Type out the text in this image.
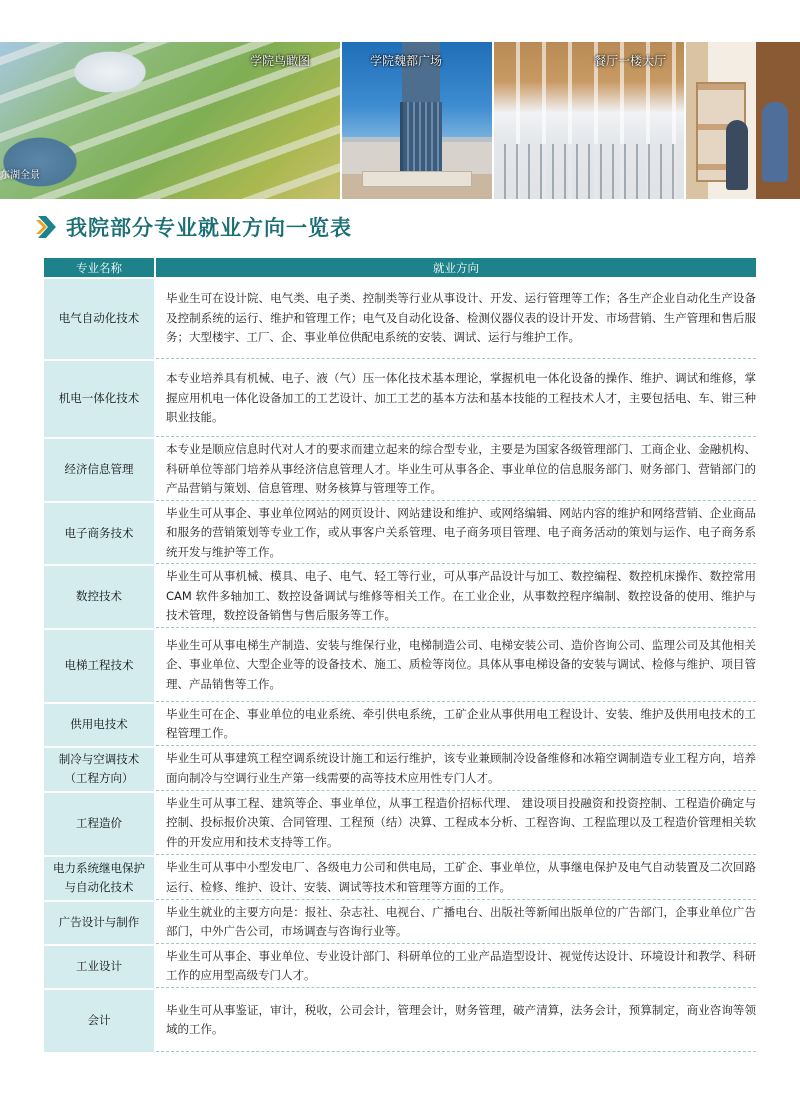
学院鸟瞰图
东湖全景
学院魏都广场	餐厅一楼大厅
我院部分专业就业方向一览表
专业名称	就业方向
电气自动化技术	毕业生可在设计院、电气类、电子类、控制类等行业从事设计、开发、运行管理等工作；各生产企业自动化生产设备及控制系统的运行、维护和管理工作；电气及自动化设备、检测仪器仪表的设计开发、市场营销、生产管理和售后服务；大型楼宇、工厂、企、事业单位供配电系统的安装、调试、运行与维护工作。
机电一体化技术	本专业培养具有机械、电子、液（气）压一体化技术基本理论，掌握机电一体化设备的操作、维护、调试和维修，掌握应用机电一体化设备加工的工艺设计、加工工艺的基本方法和基本技能的工程技术人才，主要包括电、车、钳三种职业技能。
经济信息管理	本专业是顺应信息时代对人才的要求而建立起来的综合型专业，主要是为国家各级管理部门、工商企业、金融机构、科研单位等部门培养从事经济信息管理人才。毕业生可从事各企、事业单位的信息服务部门、财务部门、营销部门的产品营销与策划、信息管理、财务核算与管理等工作。
电子商务技术	毕业生可从事企、事业单位网站的网页设计、网站建设和维护、或网络编辑、网站内容的维护和网络营销、企业商品和服务的营销策划等专业工作，或从事客户关系管理、电子商务项目管理、电子商务活动的策划与运作、电子商务系统开发与维护等工作。
数控技术	毕业生可从事机械、模具、电子、电气、轻工等行业，可从事产品设计与加工、数控编程、数控机床操作、数控常用 CAM 软件多轴加工、数控设备调试与维修等相关工作。在工业企业，从事数控程序编制、数控设备的使用、维护与技术管理，数控设备销售与售后服务等工作。
电梯工程技术	毕业生可从事电梯生产制造、安装与维保行业，电梯制造公司、电梯安装公司、造价咨询公司、监理公司及其他相关企、事业单位、大型企业等的设备技术、施工、质检等岗位。具体从事电梯设备的安装与调试、检修与维护、项目管理、产品销售等工作。
供用电技术	毕业生可在企、事业单位的电业系统、牵引供电系统，工矿企业从事供用电工程设计、安装、维护及供用电技术的工程管理工作。
制冷与空调技术（工程方向）	毕业生可从事建筑工程空调系统设计施工和运行维护，该专业兼顾制冷设备维修和冰箱空调制造专业工程方向，培养面向制冷与空调行业生产第一线需要的高等技术应用性专门人才。
工程造价	毕业生可从事工程、建筑等企、事业单位，从事工程造价招标代理、 建设项目投融资和投资控制、工程造价确定与控制、投标报价决策、合同管理、工程预（结）决算、工程成本分析、工程咨询、工程监理以及工程造价管理相关软件的开发应用和技术支持等工作。
电力系统继电保护与自动化技术	毕业生可从事中小型发电厂、各级电力公司和供电局，工矿企、事业单位，从事继电保护及电气自动装置及二次回路运行、检修、维护、设计、安装、调试等技术和管理等方面的工作。
广告设计与制作	毕业生就业的主要方向是：报社、杂志社、电视台、广播电台、出版社等新闻出版单位的广告部门，企事业单位广告部门，中外广告公司，市场调查与咨询行业等。
工业设计	毕业生可从事企、事业单位、专业设计部门、科研单位的工业产品造型设计、视觉传达设计、环境设计和教学、科研工作的应用型高级专门人才。
会计	毕业生可从事鉴证，审计，税收，公司会计，管理会计，财务管理，破产清算，法务会计，预算制定，商业咨询等领域的工作。
